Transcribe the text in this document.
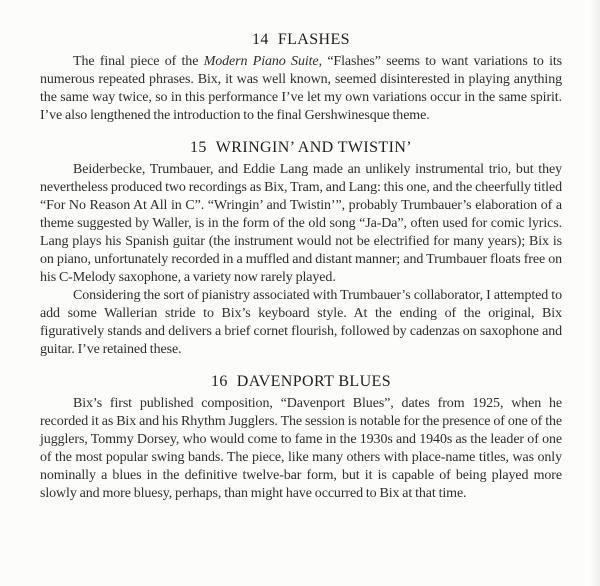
14 FLASHES

The final piece of the Modern Piano Suite, “Flashes” seems to want variations to its numerous repeated phrases. Bix, it was well known, seemed disinterested in playing anything the same way twice, so in this performance I’ve let my own variations occur in the same spirit. I’ve also lengthened the introduction to the final Gershwinesque theme.

15 WRINGIN’ AND TWISTIN’

Beiderbecke, Trumbauer, and Eddie Lang made an unlikely instrumental trio, but they nevertheless produced two recordings as Bix, Tram, and Lang: this one, and the cheerfully titled “For No Reason At All in C”. “Wringin’ and Twistin’”, probably Trumbauer’s elaboration of a theme suggested by Waller, is in the form of the old song “Ja-Da”, often used for comic lyrics. Lang plays his Spanish guitar (the instrument would not be electrified for many years); Bix is on piano, unfortunately recorded in a muffled and distant manner; and Trumbauer floats free on his C-Melody saxophone, a variety now rarely played.

Considering the sort of pianistry associated with Trumbauer’s collaborator, I attempted to add some Wallerian stride to Bix’s keyboard style. At the ending of the original, Bix figuratively stands and delivers a brief cornet flourish, followed by cadenzas on saxophone and guitar. I’ve retained these.

16 DAVENPORT BLUES

Bix’s first published composition, “Davenport Blues”, dates from 1925, when he recorded it as Bix and his Rhythm Jugglers. The session is notable for the presence of one of the jugglers, Tommy Dorsey, who would come to fame in the 1930s and 1940s as the leader of one of the most popular swing bands. The piece, like many others with place-name titles, was only nominally a blues in the definitive twelve-bar form, but it is capable of being played more slowly and more bluesy, perhaps, than might have occurred to Bix at that time.
